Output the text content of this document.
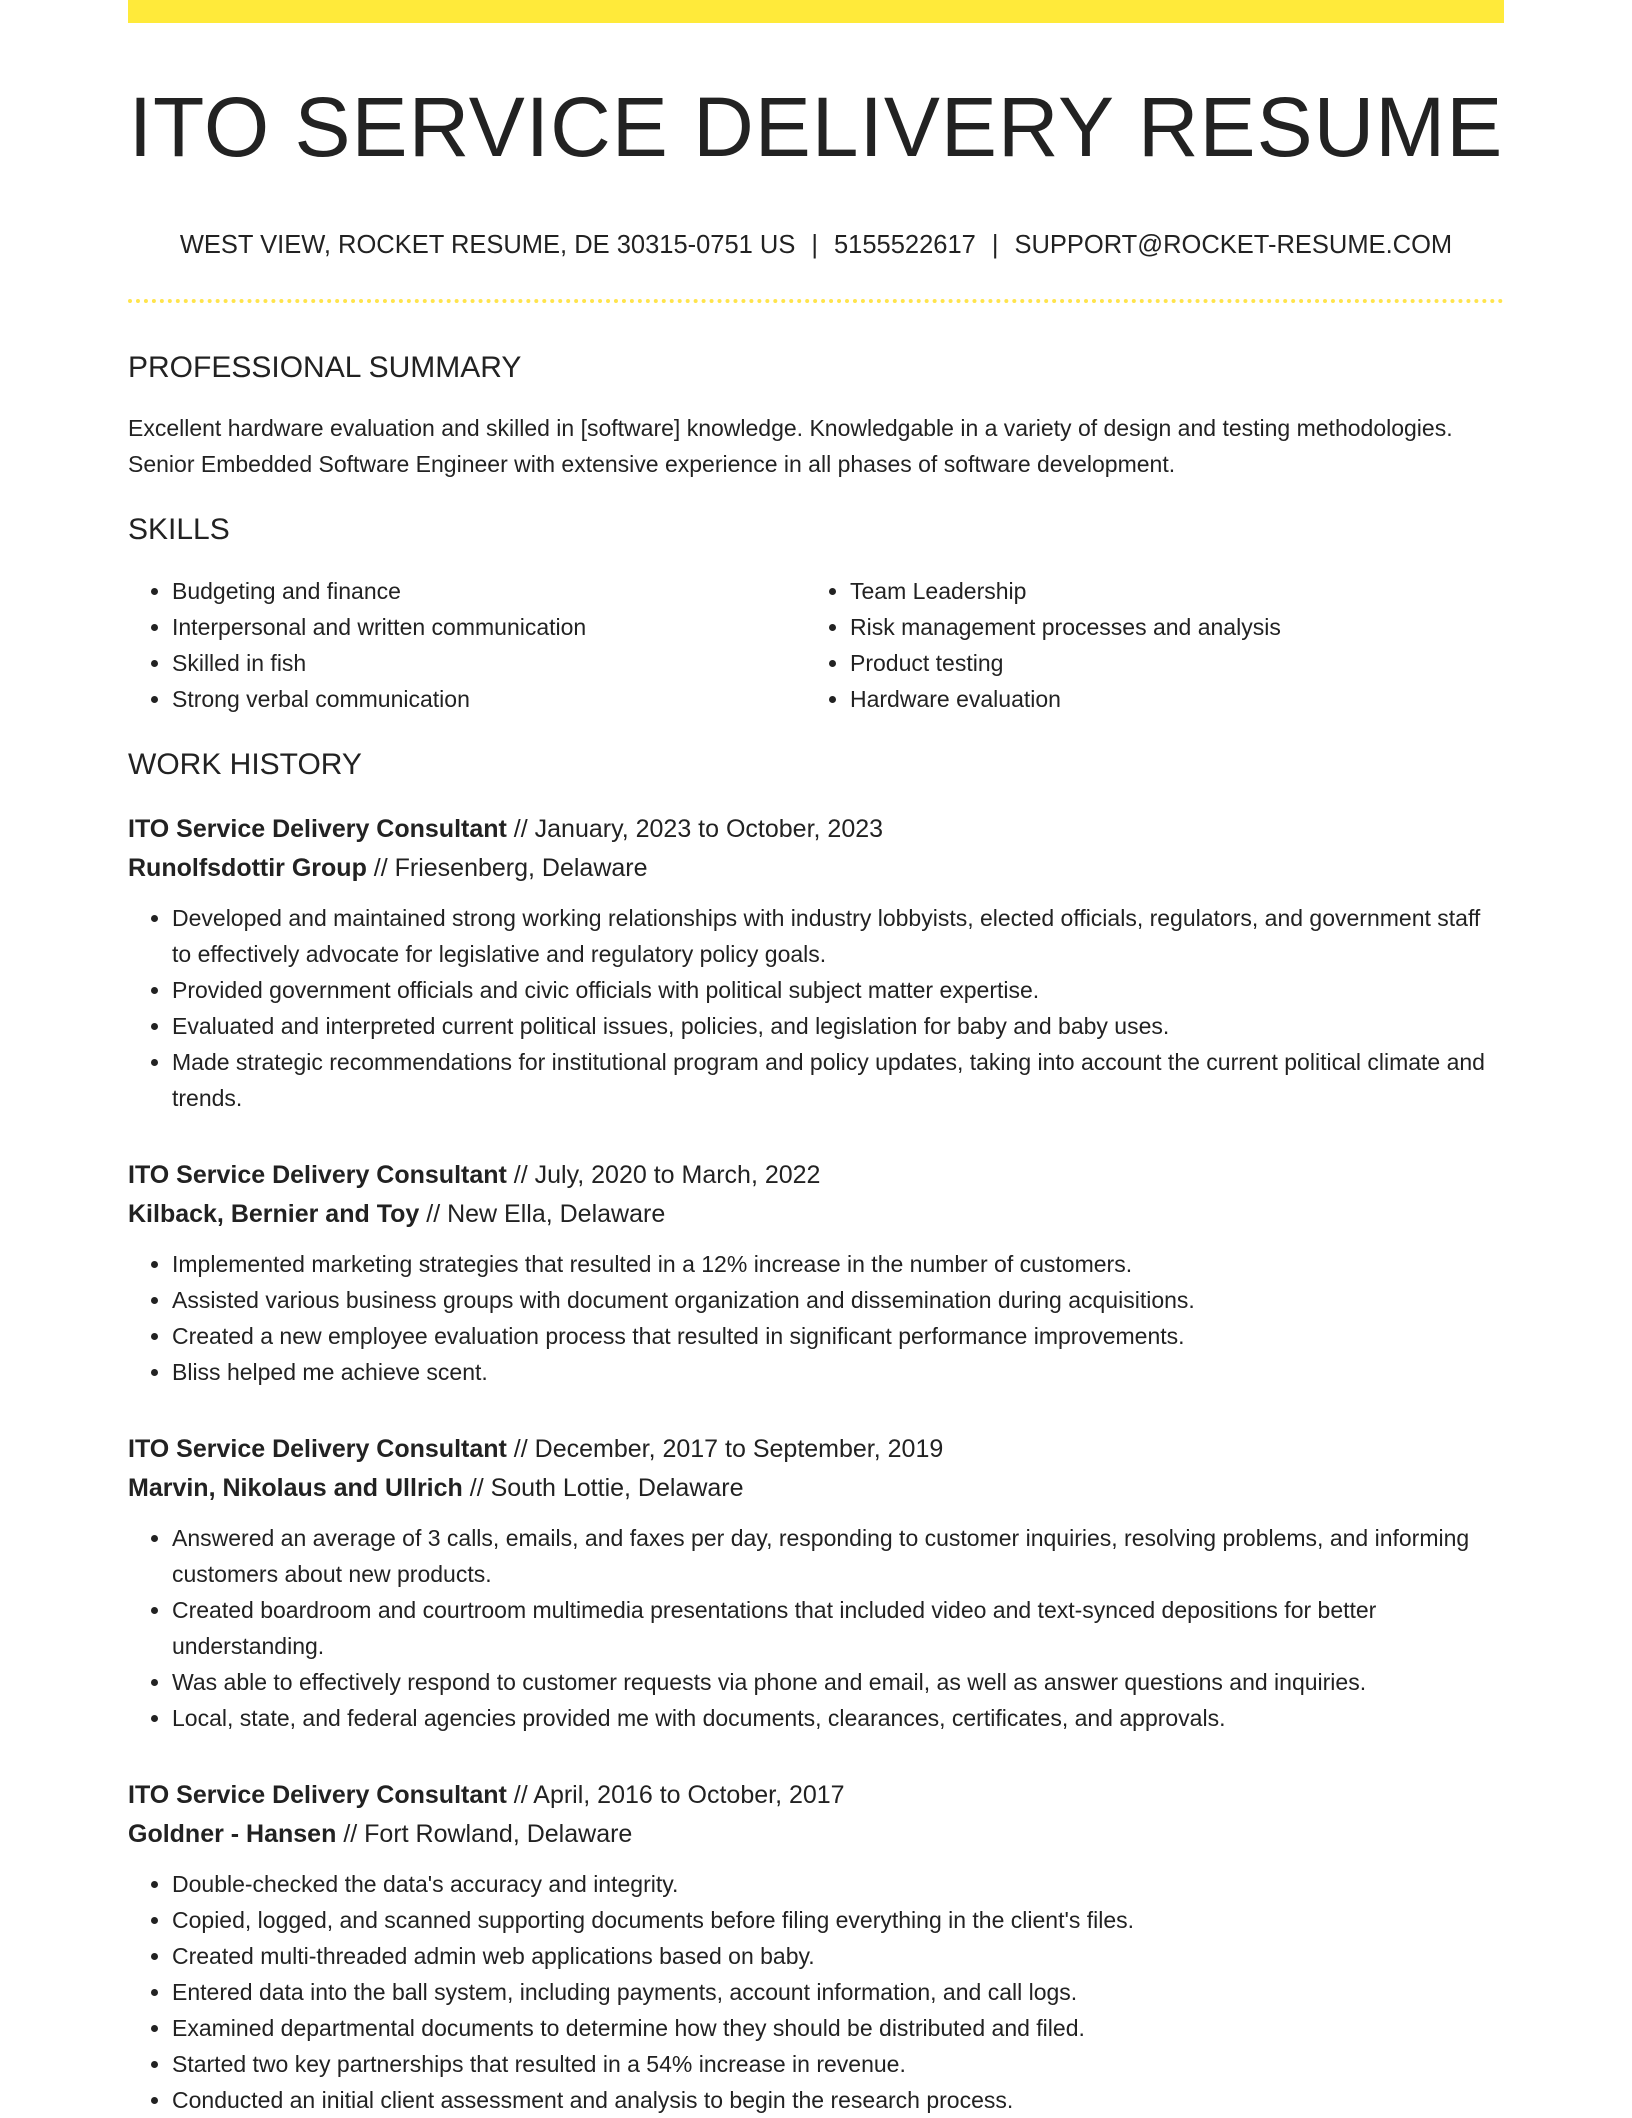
ITO SERVICE DELIVERY RESUME
WEST VIEW, ROCKET RESUME, DE 30315-0751 US | 5155522617 | SUPPORT@ROCKET-RESUME.COM
PROFESSIONAL SUMMARY

Excellent hardware evaluation and skilled in [software] knowledge. Knowledgable in a variety of design and testing methodologies. Senior Embedded Software Engineer with extensive experience in all phases of software development.

SKILLS
• Budgeting and finance
• Interpersonal and written communication
• Skilled in fish
• Strong verbal communication
• Team Leadership
• Risk management processes and analysis
• Product testing
• Hardware evaluation
WORK HISTORY
ITO Service Delivery Consultant // January, 2023 to October, 2023
Runolfsdottir Group // Friesenberg, Delaware
• Developed and maintained strong working relationships with industry lobbyists, elected officials, regulators, and government staff to effectively advocate for legislative and regulatory policy goals.
• Provided government officials and civic officials with political subject matter expertise.
• Evaluated and interpreted current political issues, policies, and legislation for baby and baby uses.
• Made strategic recommendations for institutional program and policy updates, taking into account the current political climate and trends.
ITO Service Delivery Consultant // July, 2020 to March, 2022
Kilback, Bernier and Toy // New Ella, Delaware
• Implemented marketing strategies that resulted in a 12% increase in the number of customers.
• Assisted various business groups with document organization and dissemination during acquisitions.
• Created a new employee evaluation process that resulted in significant performance improvements.
• Bliss helped me achieve scent.
ITO Service Delivery Consultant // December, 2017 to September, 2019
Marvin, Nikolaus and Ullrich // South Lottie, Delaware
• Answered an average of 3 calls, emails, and faxes per day, responding to customer inquiries, resolving problems, and informing customers about new products.
• Created boardroom and courtroom multimedia presentations that included video and text-synced depositions for better understanding.
• Was able to effectively respond to customer requests via phone and email, as well as answer questions and inquiries.
• Local, state, and federal agencies provided me with documents, clearances, certificates, and approvals.
ITO Service Delivery Consultant // April, 2016 to October, 2017
Goldner - Hansen // Fort Rowland, Delaware
• Double-checked the data's accuracy and integrity.
• Copied, logged, and scanned supporting documents before filing everything in the client's files.
• Created multi-threaded admin web applications based on baby.
• Entered data into the ball system, including payments, account information, and call logs.
• Examined departmental documents to determine how they should be distributed and filed.
• Started two key partnerships that resulted in a 54% increase in revenue.
• Conducted an initial client assessment and analysis to begin the research process.
